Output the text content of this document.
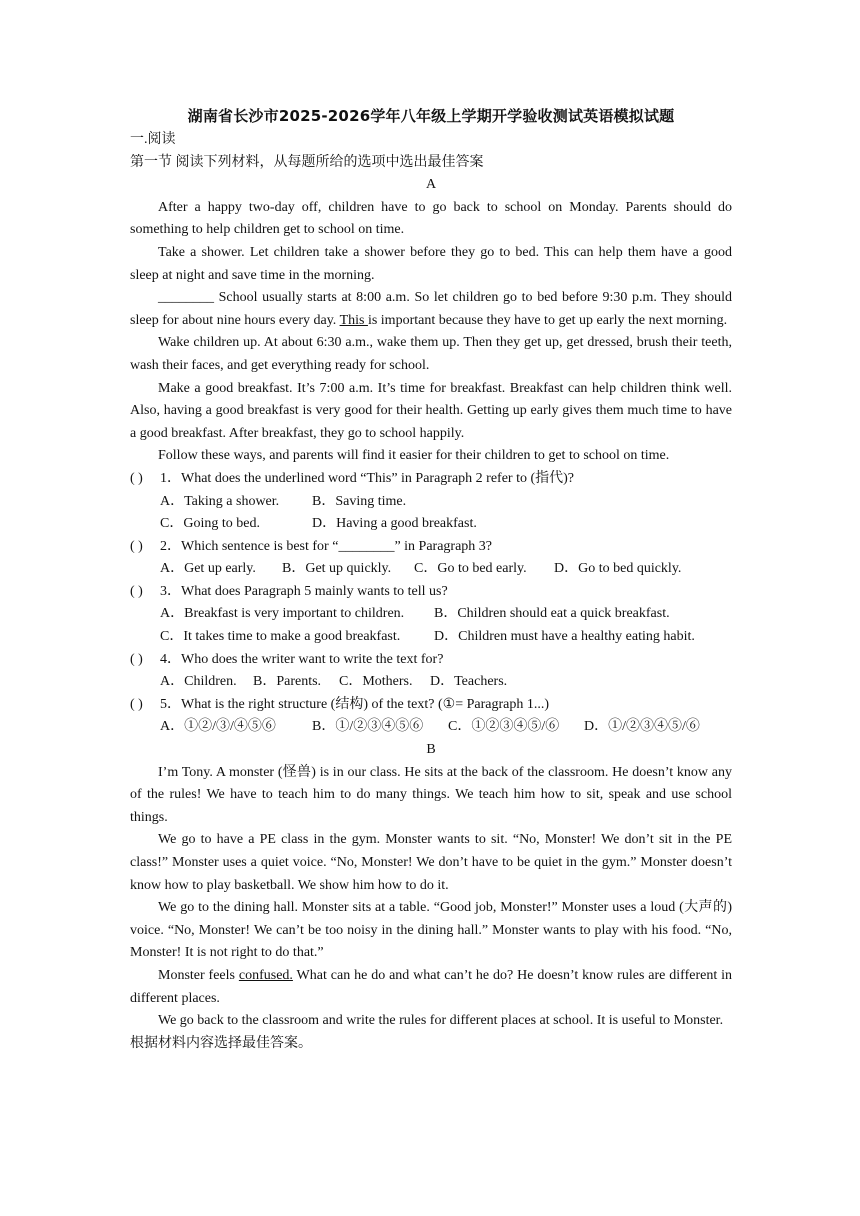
湖南省长沙市2025-2026学年八年级上学期开学验收测试英语模拟试题

一.阅读

第一节 阅读下列材料，从每题所给的选项中选出最佳答案

A

After a happy two-day off, children have to go back to school on Monday. Parents should do something to help children get to school on time.

Take a shower. Let children take a shower before they go to bed. This can help them have a good sleep at night and save time in the morning.

________ School usually starts at 8:00 a.m. So let children go to bed before 9:30 p.m. They should sleep for about nine hours every day. This is important because they have to get up early the next morning.

Wake children up. At about 6:30 a.m., wake them up. Then they get up, get dressed, brush their teeth, wash their faces, and get everything ready for school.

Make a good breakfast. It’s 7:00 a.m. It’s time for breakfast. Breakfast can help children think well. Also, having a good breakfast is very good for their health. Getting up early gives them much time to have a good breakfast. After breakfast, they go to school happily.

Follow these ways, and parents will find it easier for their children to get to school on time.

( ) 1．What does the underlined word “This” in Paragraph 2 refer to (指代)?

A．Taking a shower. B．Saving time.

C．Going to bed.	D．Having a good breakfast.

( ) 2．Which sentence is best for “________” in Paragraph 3?

A．Get up early. B．Get up quickly. C．Go to bed early. D．Go to bed quickly.

( ) 3．What does Paragraph 5 mainly wants to tell us?

A．Breakfast is very important to children. B．Children should eat a quick breakfast.

C．It takes time to make a good breakfast. D．Children must have a healthy eating habit.

( ) 4．Who does the writer want to write the text for?

A．Children. B．Parents. C．Mothers. D．Teachers.

( ) 5．What is the right structure (结构) of the text? (①= Paragraph 1...)

A．①②/③/④⑤⑥	B．①/②③④⑤⑥ C．①②③④⑤/⑥ D．①/②③④⑤/⑥

B

I’m Tony. A monster (怪兽) is in our class. He sits at the back of the classroom. He doesn’t know any of the rules! We have to teach him to do many things. We teach him how to sit, speak and use school things.

We go to have a PE class in the gym. Monster wants to sit. “No, Monster! We don’t sit in the PE class!” Monster uses a quiet voice. “No, Monster! We don’t have to be quiet in the gym.” Monster doesn’t know how to play basketball. We show him how to do it.

We go to the dining hall. Monster sits at a table. “Good job, Monster!” Monster uses a loud (大声的) voice. “No, Monster! We can’t be too noisy in the dining hall.” Monster wants to play with his food. “No, Monster! It is not right to do that.”

Monster feels confused. What can he do and what can’t he do? He doesn’t know rules are different in different places.

We go back to the classroom and write the rules for different places at school. It is useful to Monster.

根据材料内容选择最佳答案。
